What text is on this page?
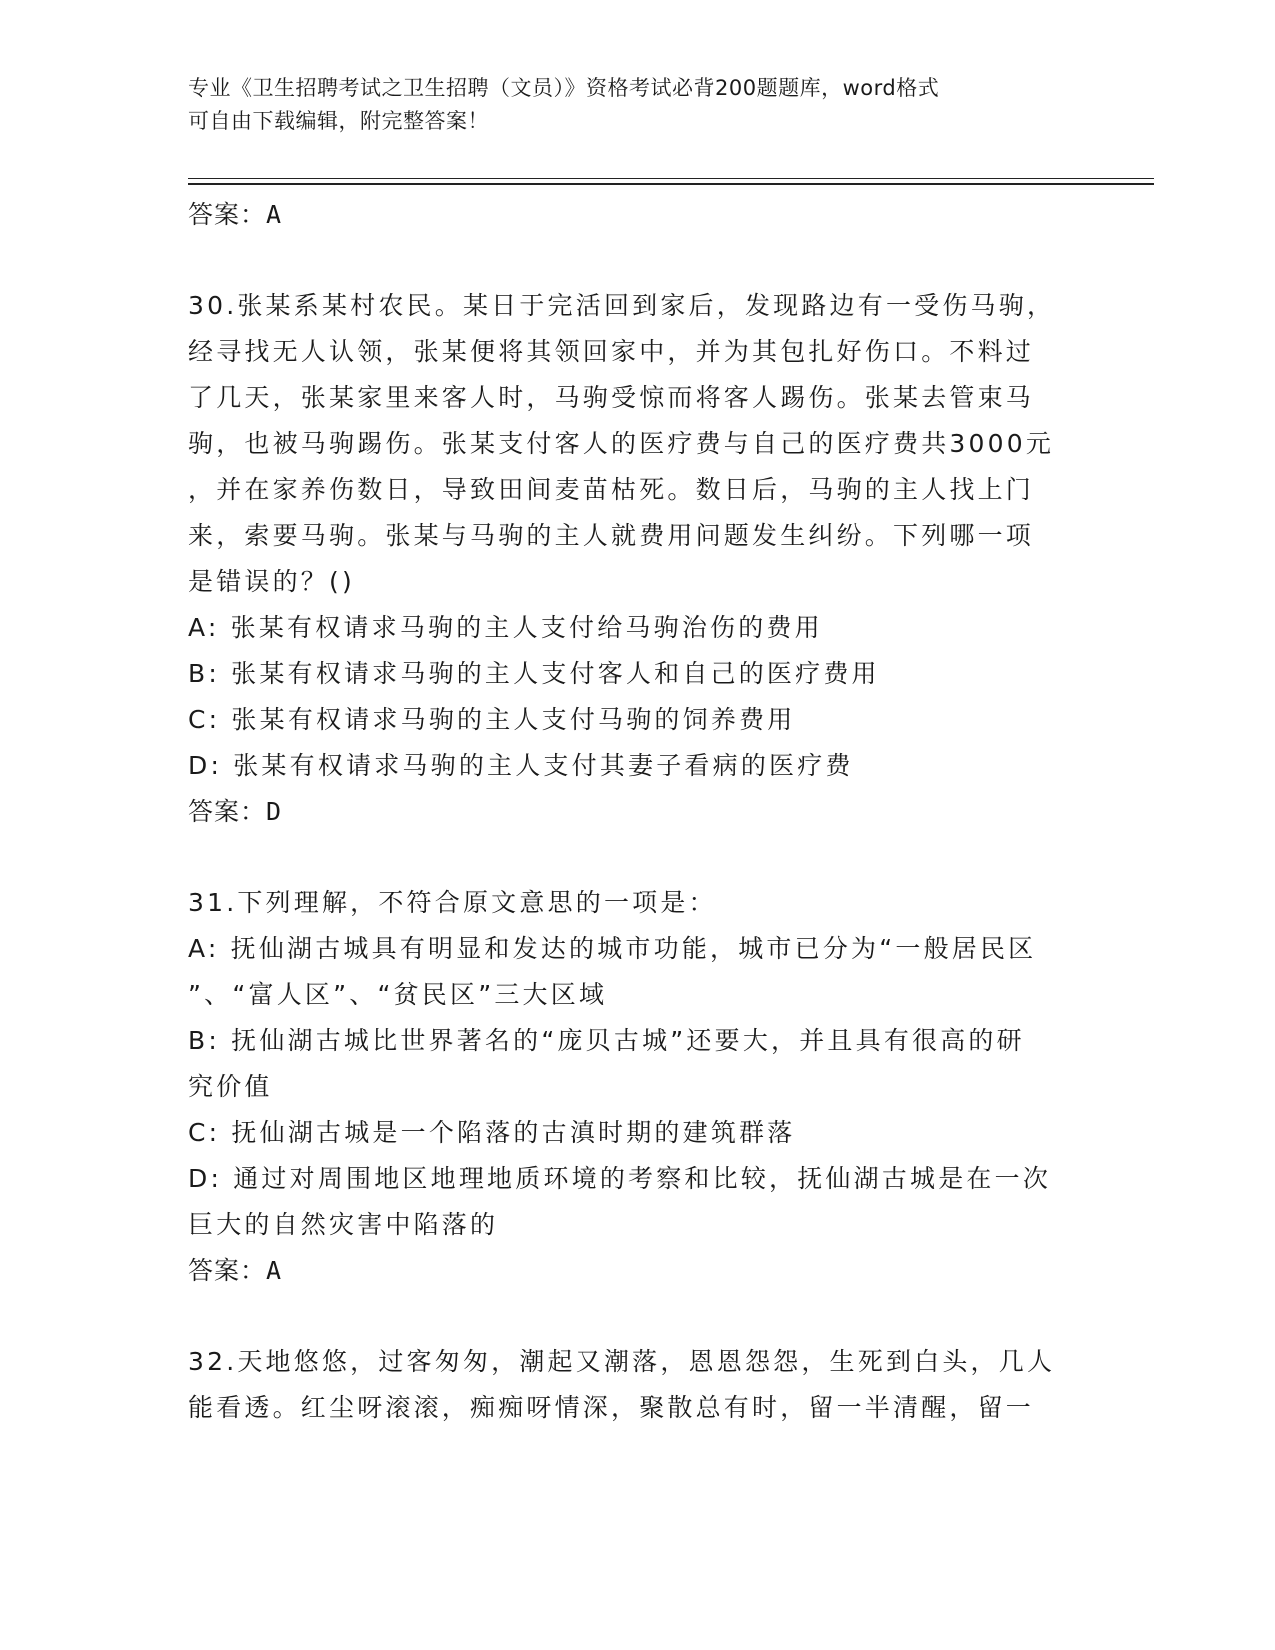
专业《卫生招聘考试之卫生招聘（文员）》资格考试必背200题题库，word格式
可自由下载编辑，附完整答案！
答案：A
30.张某系某村农民。某日于完活回到家后，发现路边有一受伤马驹，
经寻找无人认领，张某便将其领回家中，并为其包扎好伤口。不料过
了几天，张某家里来客人时，马驹受惊而将客人踢伤。张某去管束马
驹，也被马驹踢伤。张某支付客人的医疗费与自己的医疗费共3000元
，并在家养伤数日，导致田间麦苗枯死。数日后，马驹的主人找上门
来，索要马驹。张某与马驹的主人就费用问题发生纠纷。下列哪一项
是错误的？()
A: 张某有权请求马驹的主人支付给马驹治伤的费用
B: 张某有权请求马驹的主人支付客人和自己的医疗费用
C: 张某有权请求马驹的主人支付马驹的饲养费用
D: 张某有权请求马驹的主人支付其妻子看病的医疗费
答案：D
31.下列理解，不符合原文意思的一项是：
A: 抚仙湖古城具有明显和发达的城市功能，城市已分为“一般居民区
”、“富人区”、“贫民区”三大区域
B: 抚仙湖古城比世界著名的“庞贝古城”还要大，并且具有很高的研
究价值
C: 抚仙湖古城是一个陷落的古滇时期的建筑群落
D: 通过对周围地区地理地质环境的考察和比较，抚仙湖古城是在一次
巨大的自然灾害中陷落的
答案：A
32.天地悠悠，过客匆匆，潮起又潮落，恩恩怨怨，生死到白头，几人
能看透。红尘呀滚滚，痴痴呀情深，聚散总有时，留一半清醒，留一
